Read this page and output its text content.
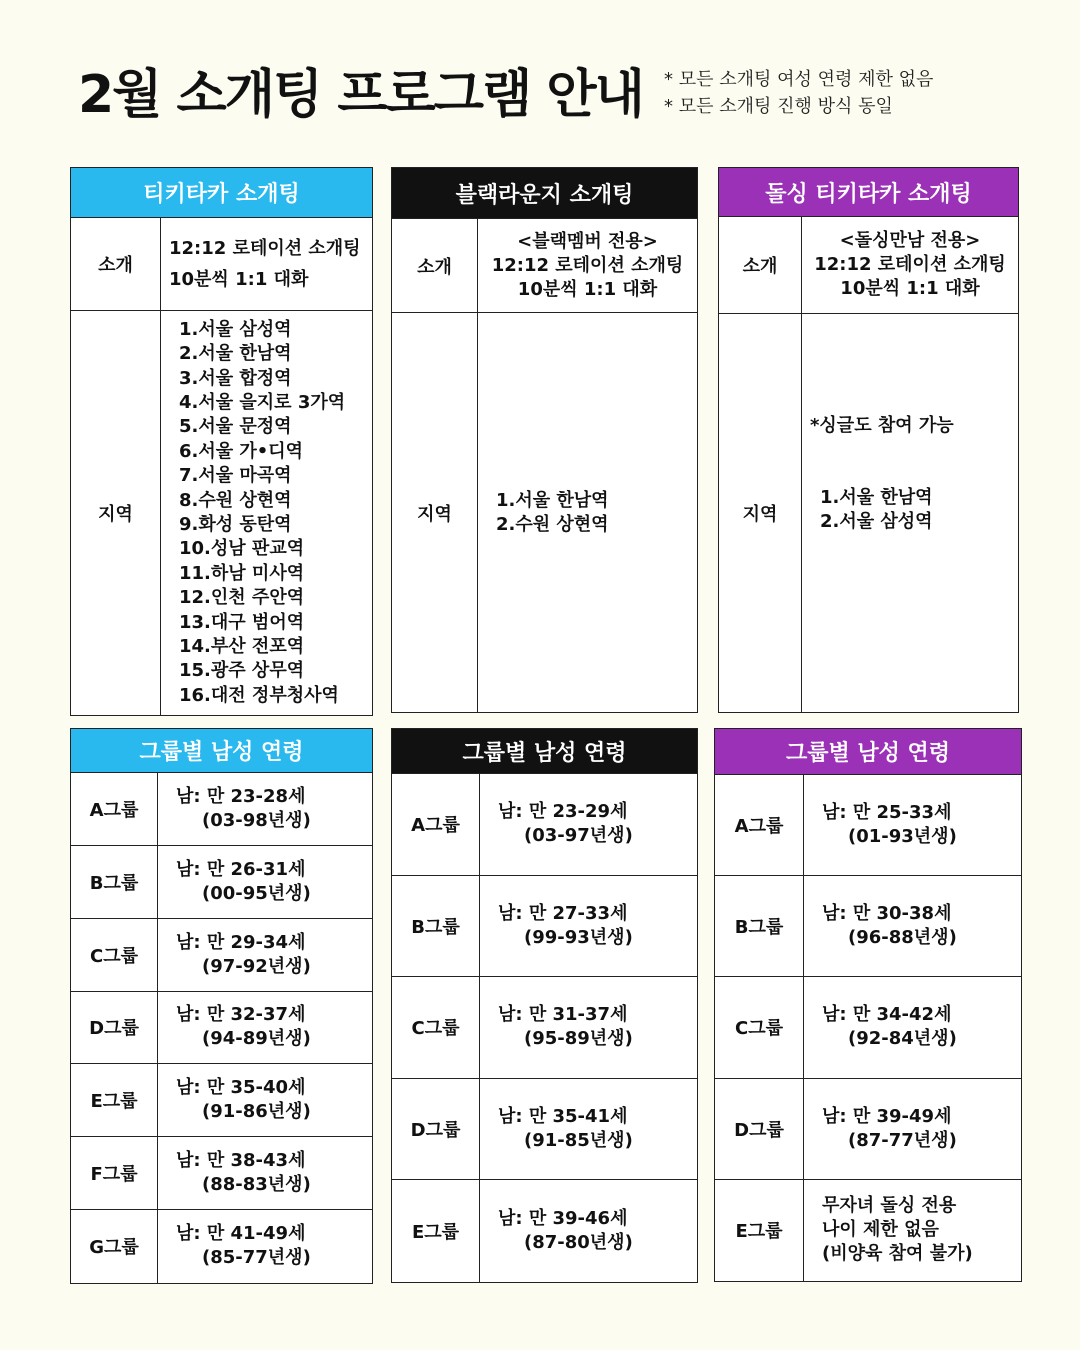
2월 소개팅 프로그램 안내 * 모든 소개팅 여성 연령 제한 없음
* 모든 소개팅 진행 방식 동일
티키타카 소개팅
소개
12:12 로테이션 소개팅
10분씩 1:1 대화
지역
1.서울 삼성역
2.서울 한남역
3.서울 합정역
4.서울 을지로 3가역
5.서울 문정역
6.서울 가•디역
7.서울 마곡역
8.수원 상현역
9.화성 동탄역
10.성남 판교역
11.하남 미사역
12.인천 주안역
13.대구 범어역
14.부산 전포역
15.광주 상무역
16.대전 정부청사역
블랙라운지 소개팅
소개
<블랙멤버 전용>
12:12 로테이션 소개팅
10분씩 1:1 대화
지역
1.서울 한남역
2.수원 상현역
돌싱 티키타카 소개팅
소개
<돌싱만남 전용>
12:12 로테이션 소개팅
10분씩 1:1 대화
지역
*싱글도 참여 가능
1.서울 한남역
2.서울 삼성역
그룹별 남성 연령
A그룹
남: 만 23-28세
(03-98년생)
B그룹
남: 만 26-31세
(00-95년생)
C그룹
남: 만 29-34세
(97-92년생)
D그룹
남: 만 32-37세
(94-89년생)
E그룹
남: 만 35-40세
(91-86년생)
F그룹
남: 만 38-43세
(88-83년생)
G그룹
남: 만 41-49세
(85-77년생)
그룹별 남성 연령
A그룹
남: 만 23-29세
(03-97년생)
B그룹
남: 만 27-33세
(99-93년생)
C그룹
남: 만 31-37세
(95-89년생)
D그룹
남: 만 35-41세
(91-85년생)
E그룹
남: 만 39-46세
(87-80년생)
그룹별 남성 연령
A그룹
남: 만 25-33세
(01-93년생)
B그룹
남: 만 30-38세
(96-88년생)
C그룹
남: 만 34-42세
(92-84년생)
D그룹
남: 만 39-49세
(87-77년생)
E그룹
무자녀 돌싱 전용
나이 제한 없음
(비양육 참여 불가)
